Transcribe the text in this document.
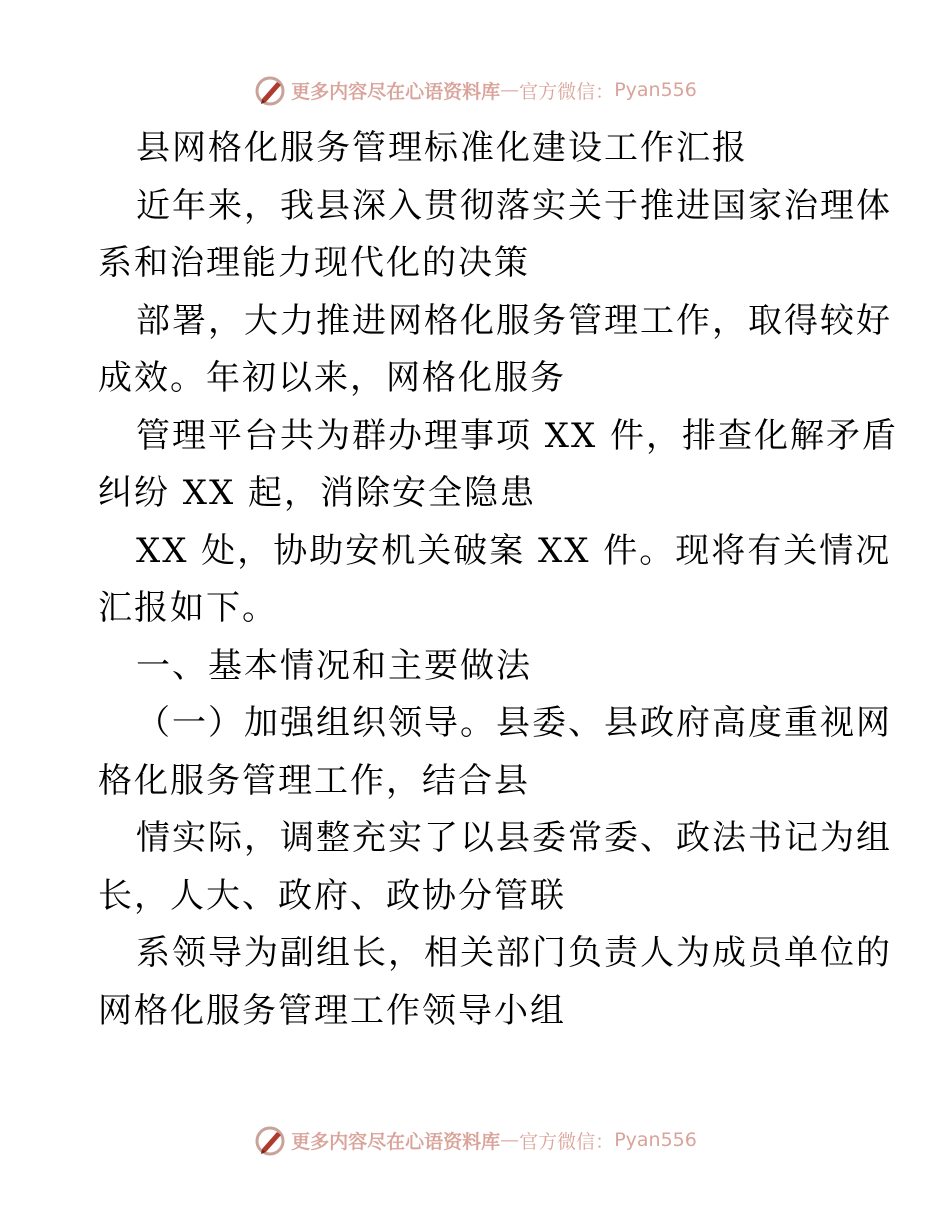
更多内容尽在心语资料库 — 官方微信： Pyan556
县网格化服务管理标准化建设工作汇报
近年来，我县深入贯彻落实关于推进国家治理体
系和治理能力现代化的决策
部署，大力推进网格化服务管理工作，取得较好
成效。年初以来，网格化服务
管理平台共为群办理事项 XX 件，排查化解矛盾
纠纷 XX 起，消除安全隐患
XX 处，协助安机关破案 XX 件。现将有关情况
汇报如下。
一、基本情况和主要做法
（一）加强组织领导。县委、县政府高度重视网
格化服务管理工作，结合县
情实际，调整充实了以县委常委、政法书记为组
长，人大、政府、政协分管联
系领导为副组长，相关部门负责人为成员单位的
网格化服务管理工作领导小组
更多内容尽在心语资料库 — 官方微信： Pyan556
